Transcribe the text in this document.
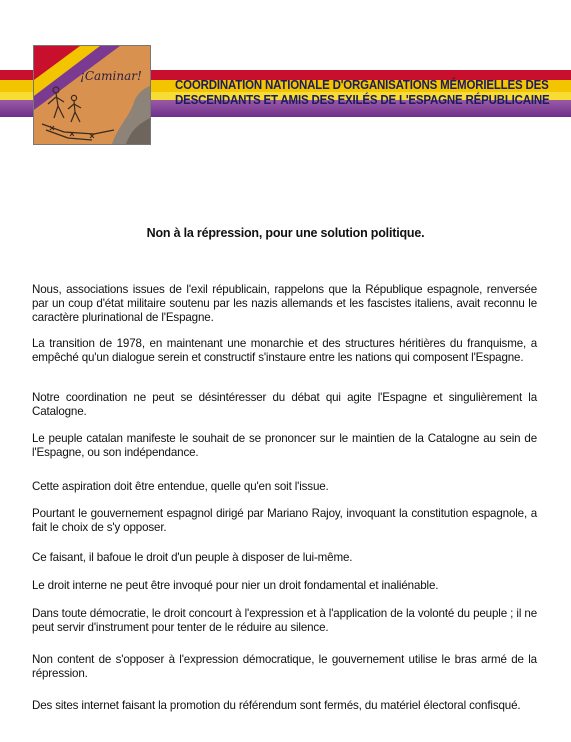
¡Caminar!
COORDINATION NATIONALE D'ORGANISATIONS MÉMORIELLES DES
DESCENDANTS ET AMIS DES EXILÉS DE L'ESPAGNE RÉPUBLICAINE
Non à la répression, pour une solution politique.

Nous, associations issues de l'exil républicain, rappelons que la République espagnole, renversée par un coup d'état militaire soutenu par les nazis allemands et les fascistes italiens, avait reconnu le caractère plurinational de l'Espagne.

La transition de 1978, en maintenant une monarchie et des structures héritières du franquisme, a empêché qu'un dialogue serein et constructif s'instaure entre les nations qui composent l'Espagne.

Notre coordination ne peut se désintéresser du débat qui agite l'Espagne et singulièrement la Catalogne.

Le peuple catalan manifeste le souhait de se prononcer sur le maintien de la Catalogne au sein de l'Espagne, ou son indépendance.

Cette aspiration doit être entendue, quelle qu'en soit l'issue.

Pourtant le gouvernement espagnol dirigé par Mariano Rajoy, invoquant la constitution espagnole, a fait le choix de s'y opposer.

Ce faisant, il bafoue le droit d'un peuple à disposer de lui-même.

Le droit interne ne peut être invoqué pour nier un droit fondamental et inaliénable.

Dans toute démocratie, le droit concourt à l'expression et à l'application de la volonté du peuple ; il ne peut servir d'instrument pour tenter de le réduire au silence.

Non content de s'opposer à l'expression démocratique, le gouvernement utilise le bras armé de la répression.

Des sites internet faisant la promotion du référendum sont fermés, du matériel électoral confisqué.
